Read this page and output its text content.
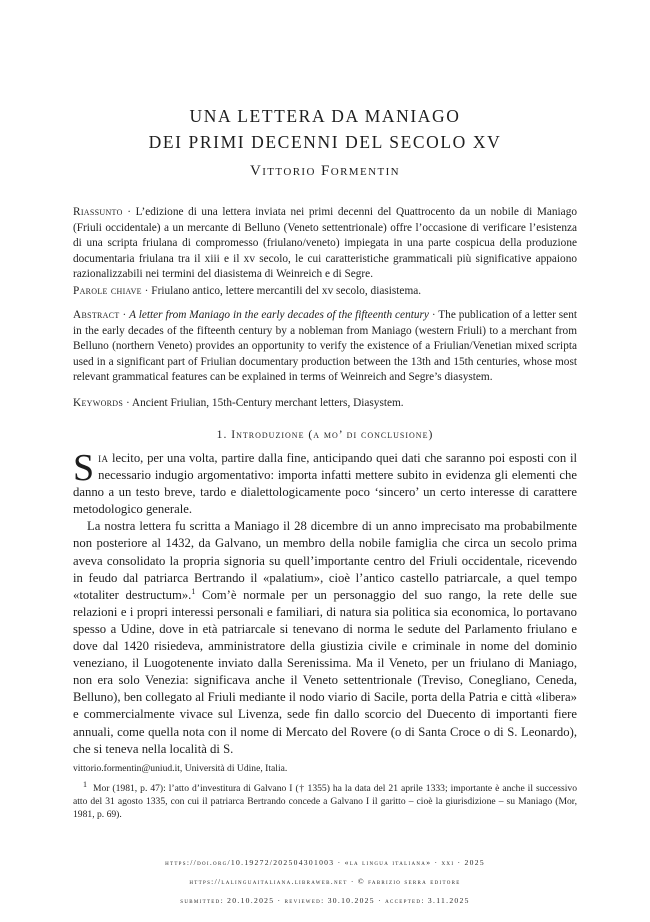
UNA LETTERA DA MANIAGO
DEI PRIMI DECENNI DEL SECOLO XV
Vittorio Formentin
Riassunto · L’edizione di una lettera inviata nei primi decenni del Quattrocento da un nobile di Maniago (Friuli occidentale) a un mercante di Belluno (Veneto settentrionale) offre l’occasione di verificare l’esistenza di una scripta friulana di compromesso (friulano/veneto) impiegata in una parte cospicua della produzione documentaria friulana tra il xiii e il xv secolo, le cui caratteristiche grammaticali più significative appaiono razionalizzabili nei termini del diasistema di Weinreich e di Segre.
Parole chiave · Friulano antico, lettere mercantili del xv secolo, diasistema.
Abstract · A letter from Maniago in the early decades of the fifteenth century · The publication of a letter sent in the early decades of the fifteenth century by a nobleman from Maniago (western Friuli) to a merchant from Belluno (northern Veneto) provides an opportunity to verify the existence of a Friulian/Venetian mixed scripta used in a significant part of Friulian documentary production between the 13th and 15th centuries, whose most relevant grammatical features can be explained in terms of Weinreich and Segre’s diasystem.
Keywords · Ancient Friulian, 15th-Century merchant letters, Diasystem.
1. Introduzione (a mo’ di conclusione)

Sia lecito, per una volta, partire dalla fine, anticipando quei dati che saranno poi esposti con il necessario indugio argomentativo: importa infatti mettere subito in evidenza gli elementi che danno a un testo breve, tardo e dialettologicamente poco ‘sincero’ un certo interesse di carattere metodologico generale.

La nostra lettera fu scritta a Maniago il 28 dicembre di un anno imprecisato ma probabilmente non posteriore al 1432, da Galvano, un membro della nobile famiglia che circa un secolo prima aveva consolidato la propria signoria su quell’importante centro del Friuli occidentale, ricevendo in feudo dal patriarca Bertrando il «palatium», cioè l’antico castello patriarcale, a quel tempo «totaliter destructum».$^1$ Com’è normale per un personaggio del suo rango, la rete delle sue relazioni e i propri interessi personali e familiari, di natura sia politica sia economica, lo portavano spesso a Udine, dove in età patriarcale si tenevano di norma le sedute del Parlamento friulano e dove dal 1420 risiedeva, amministratore della giustizia civile e criminale in nome del dominio veneziano, il Luogotenente inviato dalla Serenissima. Ma il Veneto, per un friulano di Maniago, non era solo Venezia: significava anche il Veneto settentrionale (Treviso, Conegliano, Ceneda, Belluno), ben collegato al Friuli mediante il nodo viario di Sacile, porta della Patria e città «libera» e commercialmente vivace sul Livenza, sede fin dallo scorcio del Duecento di importanti fiere annuali, come quella nota con il nome di Mercato del Rovere (o di Santa Croce o di S. Leonardo), che si teneva nella località di S.

vittorio.formentin@uniud.it, Università di Udine, Italia.
$^1$ Mor (1981, p. 47): l’atto d’investitura di Galvano I († 1355) ha la data del 21 aprile 1333; importante è anche il successivo atto del 31 agosto 1335, con cui il patriarca Bertrando concede a Galvano I il garitto – cioè la giurisdizione – su Maniago (Mor, 1981, p. 69).
https://doi.org/10.19272/202504301003 · «la lingua italiana» · xxi · 2025
https://lalinguaitaliana.libraweb.net · © fabrizio serra editore
submitted: 20.10.2025 · reviewed: 30.10.2025 · accepted: 3.11.2025
